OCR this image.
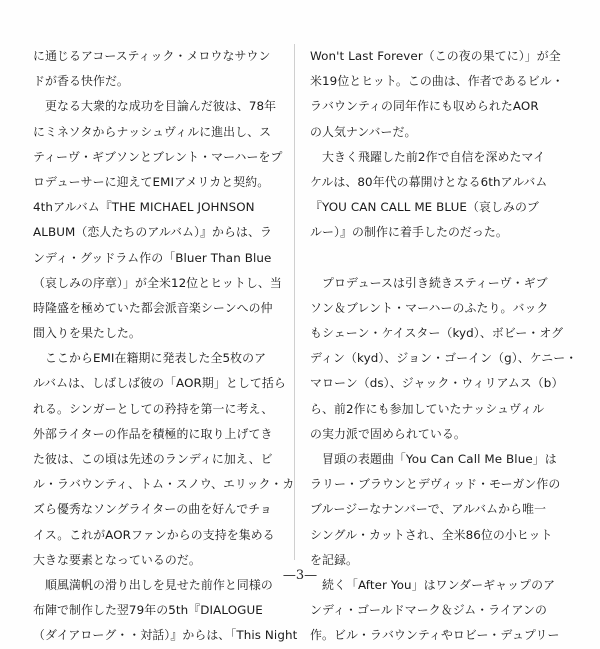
に通じるアコースティック・メロウなサウン
ドが香る快作だ。
　更なる大衆的な成功を目論んだ彼は、78年
にミネソタからナッシュヴィルに進出し、ス
ティーヴ・ギブソンとブレント・マーハーをプ
ロデューサーに迎えてEMIアメリカと契約。
4thアルバム『THE MICHAEL JOHNSON
ALBUM（恋人たちのアルバム）』からは、ラ
ンディ・グッドラム作の「Bluer Than Blue
（哀しみの序章）」が全米12位とヒットし、当
時隆盛を極めていた都会派音楽シーンへの仲
間入りを果たした。
　ここからEMI在籍期に発表した全5枚のア
ルバムは、しばしば彼の「AOR期」として括ら
れる。シンガーとしての矜持を第一に考え、
外部ライターの作品を積極的に取り上げてき
た彼は、この頃は先述のランディに加え、ビ
ル・ラバウンティ、トム・スノウ、エリック・カ
ズら優秀なソングライターの曲を好んでチョ
イス。これがAORファンからの支持を集める
大きな要素となっているのだ。
　順風満帆の滑り出しを見せた前作と同様の
布陣で制作した翌79年の5th『DIALOGUE
（ダイアローグ・・対話）』からは、「This Night
Won't Last Forever（この夜の果てに）」が全
米19位とヒット。この曲は、作者であるビル・
ラバウンティの同年作にも収められたAOR
の人気ナンバーだ。
　大きく飛躍した前2作で自信を深めたマイ
ケルは、80年代の幕開けとなる6thアルバム
『YOU CAN CALL ME BLUE（哀しみのブ
ルー）』の制作に着手したのだった。
　プロデュースは引き続きスティーヴ・ギブ
ソン＆ブレント・マーハーのふたり。バック
もシェーン・ケイスター（kyd）、ボビー・オグ
ディン（kyd）、ジョン・ゴーイン（g）、ケニー・
マローン（ds）、ジャック・ウィリアムス（b）
ら、前2作にも参加していたナッシュヴィル
の実力派で固められている。
　冒頭の表題曲「You Can Call Me Blue」は
ラリー・ブラウンとデヴィッド・モーガン作の
ブルージーなナンバーで、アルバムから唯一
シングル・カットされ、全米86位の小ヒット
を記録。
　続く「After You」はワンダーギャップのア
ンディ・ゴールドマーク＆ジム・ライアンの
作。ビル・ラバウンティやロビー・デュプリー
—3—
